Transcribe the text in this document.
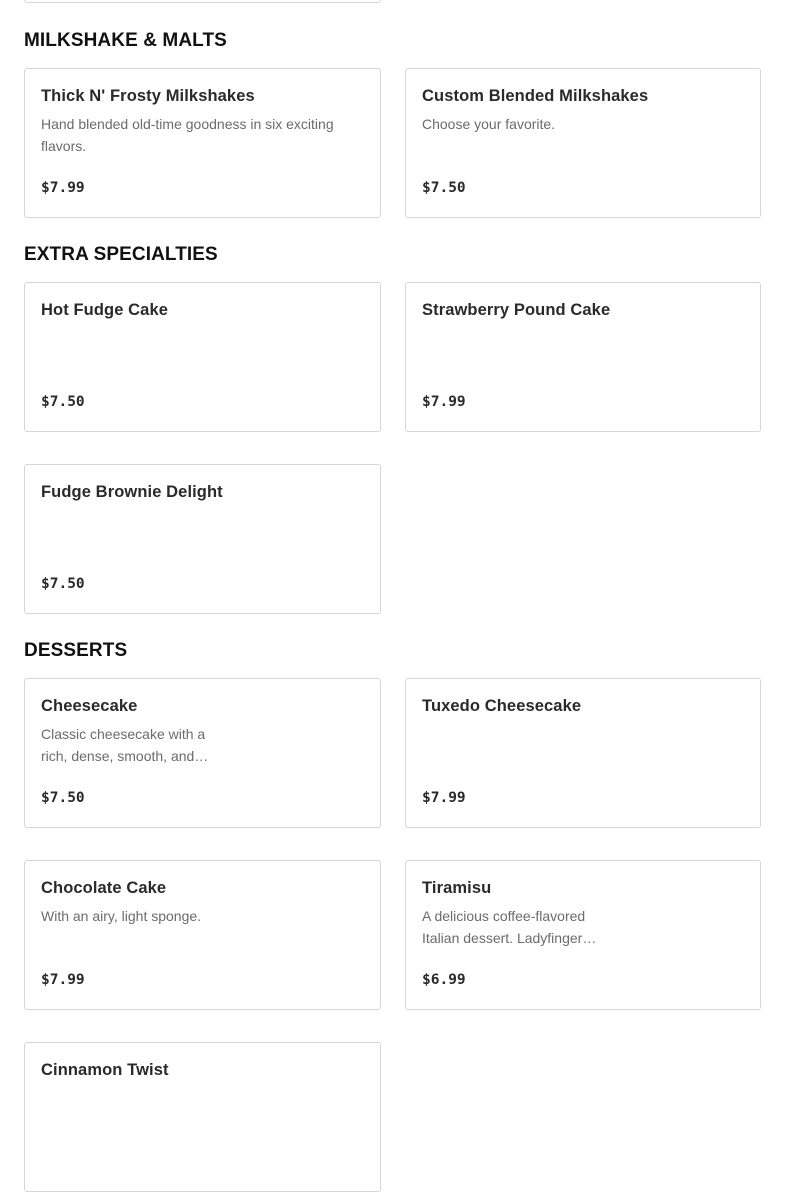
MILKSHAKE & MALTS
Thick N' Frosty Milkshakes
Hand blended old-time goodness in six exciting flavors.
$7.99
Custom Blended Milkshakes
Choose your favorite.
$7.50
EXTRA SPECIALTIES
Hot Fudge Cake
$7.50
Strawberry Pound Cake
$7.99
Fudge Brownie Delight
$7.50
DESSERTS
Cheesecake
Classic cheesecake with a rich, dense, smooth, and…
$7.50
Tuxedo Cheesecake
$7.99
Chocolate Cake
With an airy, light sponge.
$7.99
Tiramisu
A delicious coffee-flavored Italian dessert. Ladyfinger…
$6.99
Cinnamon Twist
